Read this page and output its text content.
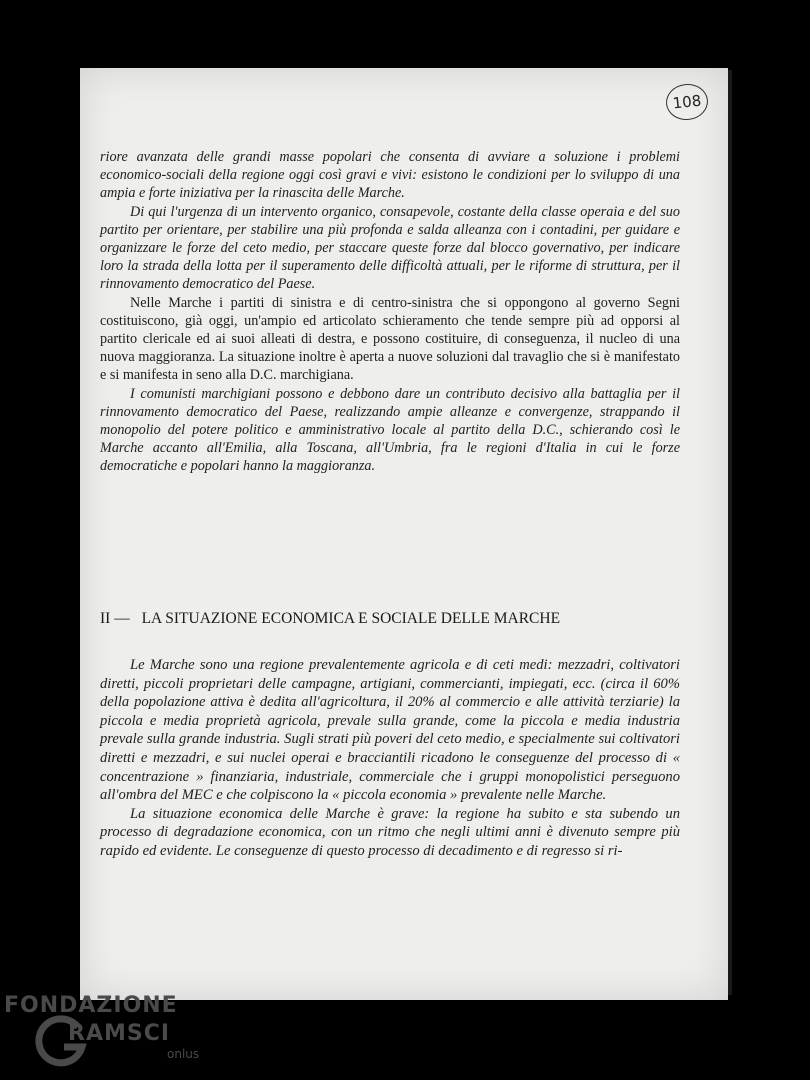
108

riore avanzata delle grandi masse popolari che consenta di avviare a soluzione i problemi economico-sociali della regione oggi così gravi e vivi: esistono le condizioni per lo sviluppo di una ampia e forte iniziativa per la rinascita delle Marche.

Di qui l'urgenza di un intervento organico, consapevole, costante della classe operaia e del suo partito per orientare, per stabilire una più profonda e salda alleanza con i contadini, per guidare e organizzare le forze del ceto medio, per staccare queste forze dal blocco governativo, per indicare loro la strada della lotta per il superamento delle difficoltà attuali, per le riforme di struttura, per il rinnovamento democratico del Paese.

Nelle Marche i partiti di sinistra e di centro-sinistra che si oppongono al governo Segni costituiscono, già oggi, un'ampio ed articolato schieramento che tende sempre più ad opporsi al partito clericale ed ai suoi alleati di destra, e possono costituire, di conseguenza, il nucleo di una nuova maggioranza. La situazione inoltre è aperta a nuove soluzioni dal travaglio che si è manifestato e si manifesta in seno alla D.C. marchigiana.

I comunisti marchigiani possono e debbono dare un contributo decisivo alla battaglia per il rinnovamento democratico del Paese, realizzando ampie alleanze e convergenze, strappando il monopolio del potere politico e amministrativo locale al partito della D.C., schierando così le Marche accanto all'Emilia, alla Toscana, all'Umbria, fra le regioni d'Italia in cui le forze democratiche e popolari hanno la maggioranza.

II — LA SITUAZIONE ECONOMICA E SOCIALE DELLE MARCHE

Le Marche sono una regione prevalentemente agricola e di ceti medi: mezzadri, coltivatori diretti, piccoli proprietari delle campagne, artigiani, commercianti, impiegati, ecc. (circa il 60% della popolazione attiva è dedita all'agricoltura, il 20% al commercio e alle attività terziarie) la piccola e media proprietà agricola, prevale sulla grande, come la piccola e media industria prevale sulla grande industria. Sugli strati più poveri del ceto medio, e specialmente sui coltivatori diretti e mezzadri, e sui nuclei operai e bracciantili ricadono le conseguenze del processo di « concentrazione » finanziaria, industriale, commerciale che i gruppi monopolistici perseguono all'ombra del MEC e che colpiscono la « piccola economia » prevalente nelle Marche.

La situazione economica delle Marche è grave: la regione ha subito e sta subendo un processo di degradazione economica, con un ritmo che negli ultimi anni è divenuto sempre più rapido ed evidente. Le conseguenze di questo processo di decadimento e di regresso si ri-

FONDAZIONE
RAMSCI
onlus
